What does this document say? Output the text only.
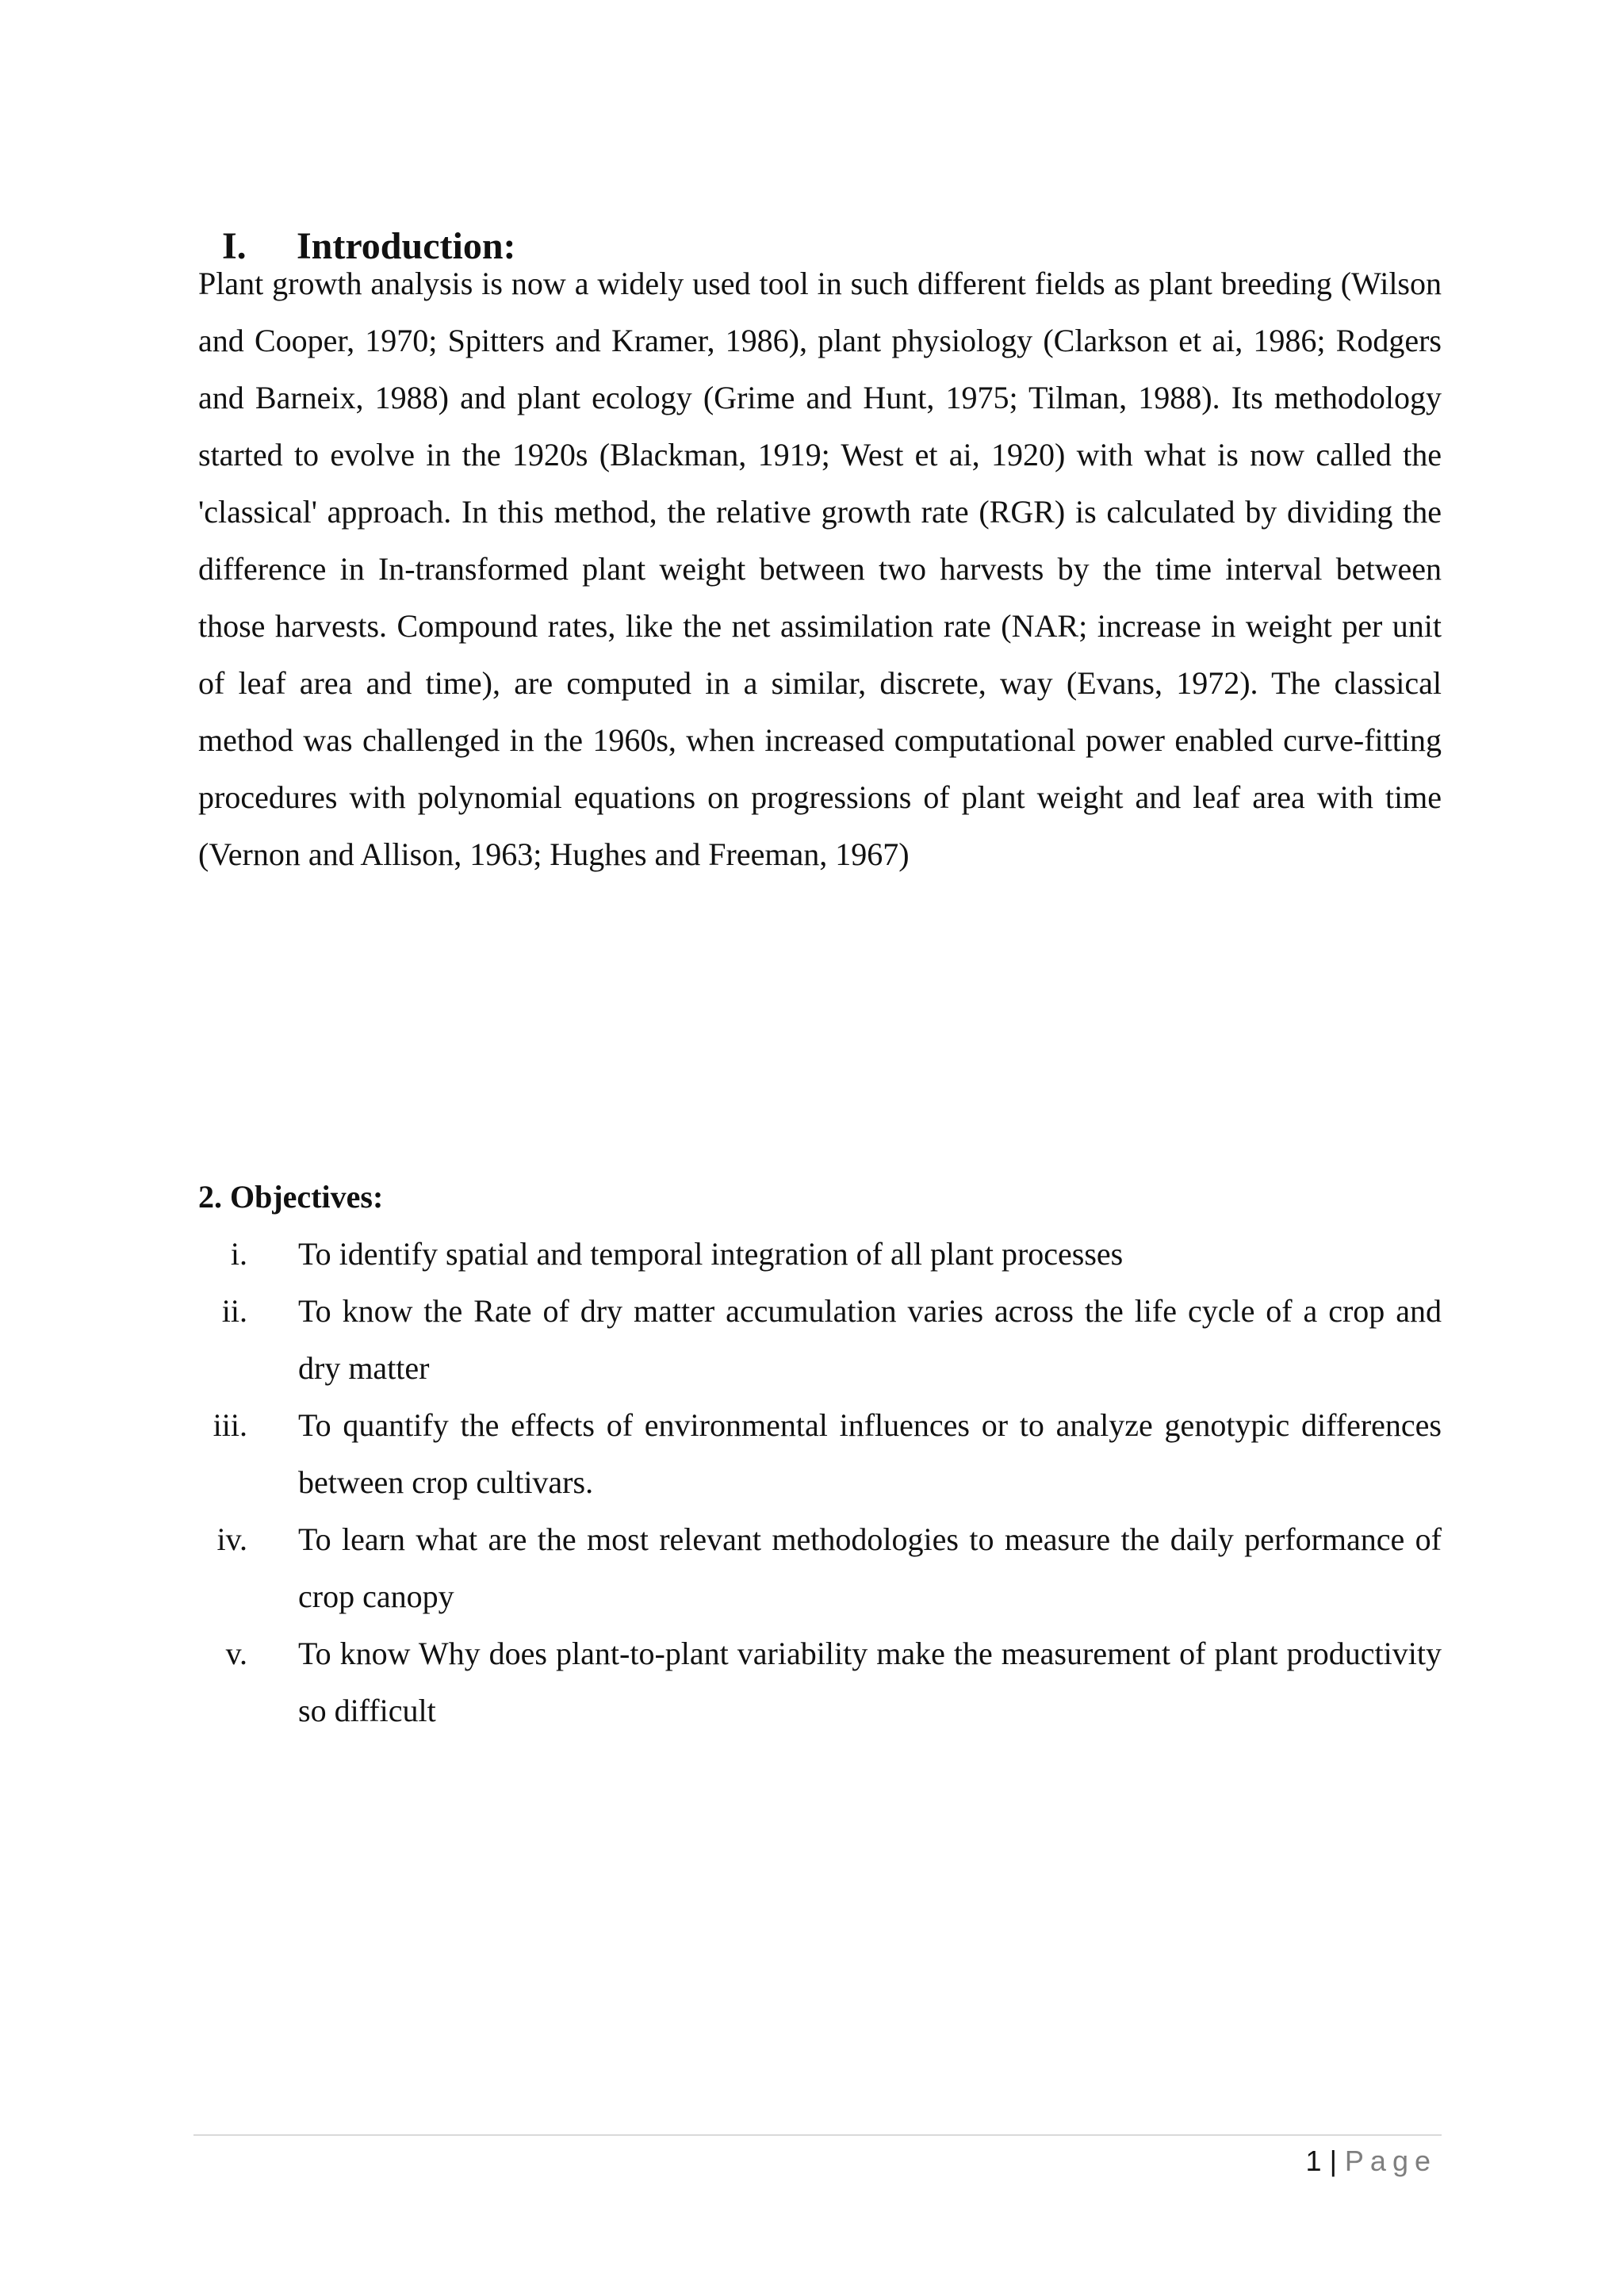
I.	Introduction:

Plant growth analysis is now a widely used tool in such different fields as plant breeding (Wilson and Cooper, 1970; Spitters and Kramer, 1986), plant physiology (Clarkson et ai, 1986; Rodgers and Barneix, 1988) and plant ecology (Grime and Hunt, 1975; Tilman, 1988). Its methodology started to evolve in the 1920s (Blackman, 1919; West et ai, 1920) with what is now called the 'classical' approach. In this method, the relative growth rate (RGR) is calculated by dividing the difference in In-transformed plant weight between two harvests by the time interval between those harvests. Compound rates, like the net assimilation rate (NAR; increase in weight per unit of leaf area and time), are computed in a similar, discrete, way (Evans, 1972). The classical method was challenged in the 1960s, when increased computational power enabled curve-fitting procedures with polynomial equations on progressions of plant weight and leaf area with time (Vernon and Allison, 1963; Hughes and Freeman, 1967)

2. Objectives:
i. To identify spatial and temporal integration of all plant processes
ii. To know the Rate of dry matter accumulation varies across the life cycle of a crop and dry matter
iii. To quantify the effects of environmental influences or to analyze genotypic differences between crop cultivars.
iv. To learn what are the most relevant methodologies to measure the daily performance of crop canopy
v. To know Why does plant-to-plant variability make the measurement of plant productivity so difficult
1 | Page
